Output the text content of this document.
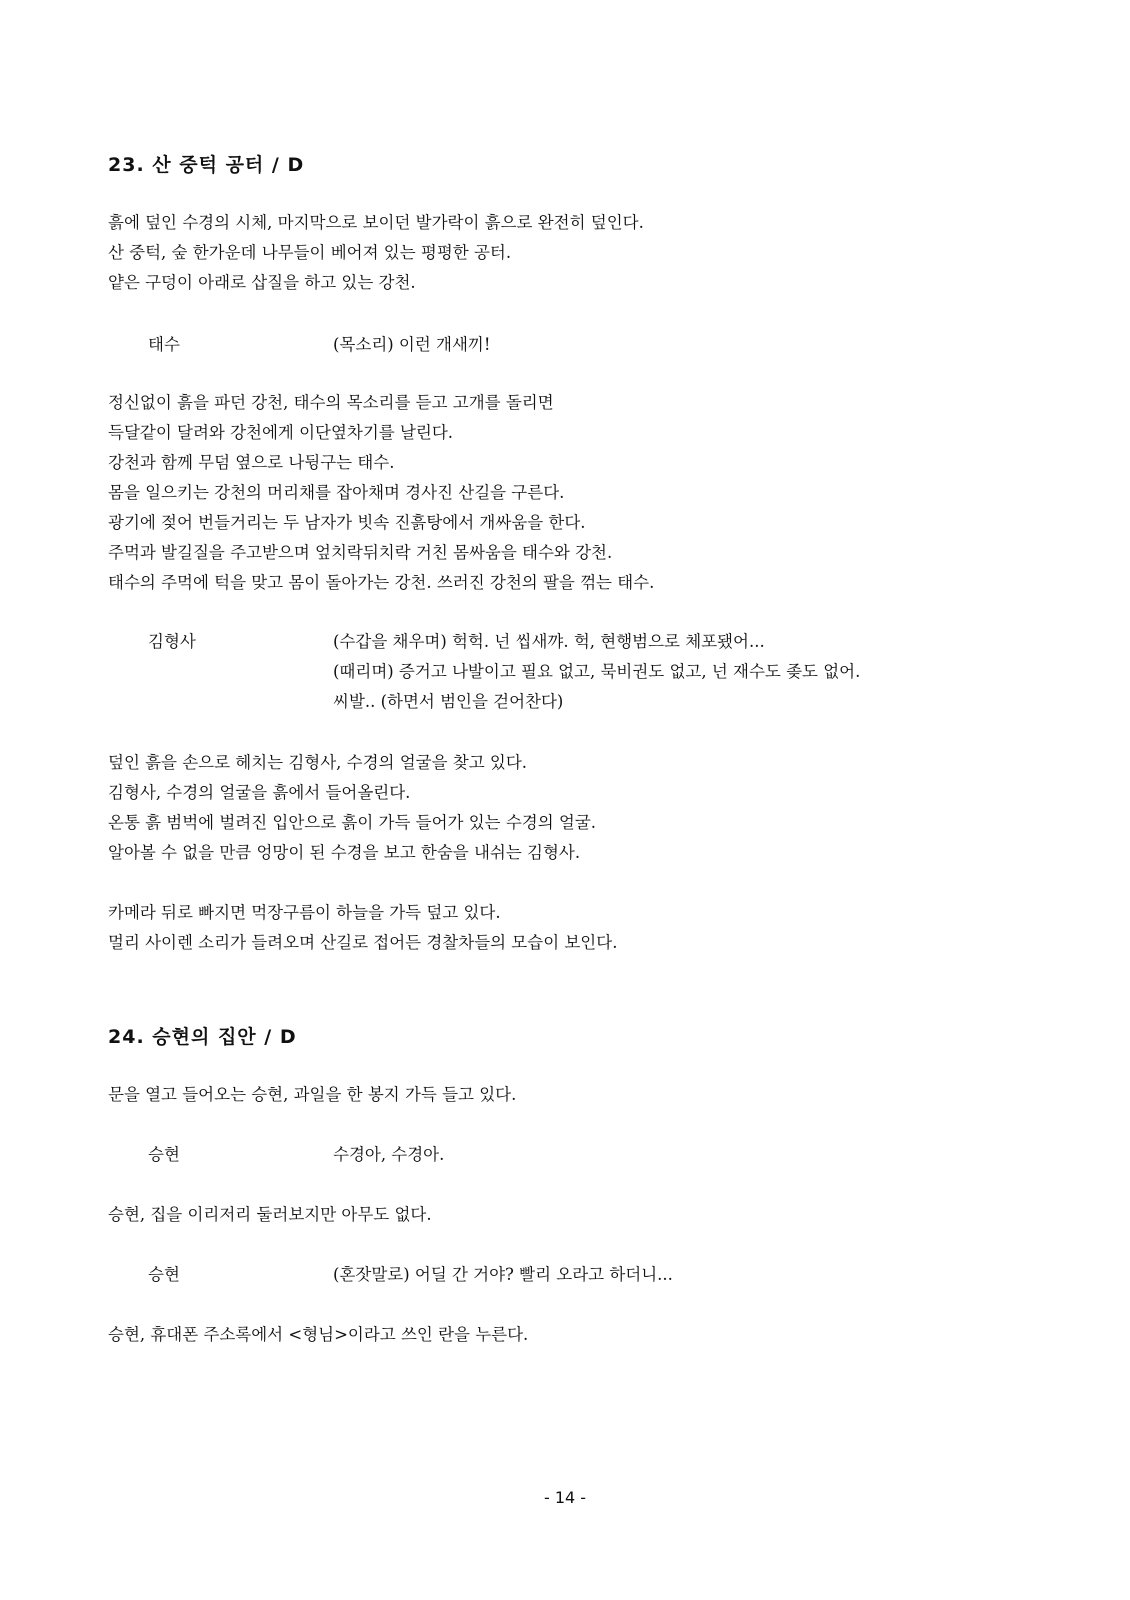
23. 산 중턱 공터 / D
흙에 덮인 수경의 시체, 마지막으로 보이던 발가락이 흙으로 완전히 덮인다.
산 중턱, 숲 한가운데 나무들이 베어져 있는 평평한 공터.
얕은 구덩이 아래로 삽질을 하고 있는 강천.
태수	(목소리) 이런 개새끼!
정신없이 흙을 파던 강천, 태수의 목소리를 듣고 고개를 돌리면
득달같이 달려와 강천에게 이단옆차기를 날린다.
강천과 함께 무덤 옆으로 나뒹구는 태수.
몸을 일으키는 강천의 머리채를 잡아채며 경사진 산길을 구른다.
광기에 젖어 번들거리는 두 남자가 빗속 진흙탕에서 개싸움을 한다.
주먹과 발길질을 주고받으며 엎치락뒤치락 거친 몸싸움을 태수와 강천.
태수의 주먹에 턱을 맞고 몸이 돌아가는 강천. 쓰러진 강천의 팔을 꺾는 태수.
김형사	(수갑을 채우며) 헉헉. 넌 씹새꺄. 헉, 현행범으로 체포됐어...
(때리며) 증거고 나발이고 필요 없고, 묵비권도 없고, 넌 재수도 좆도 없어.
씨발.. (하면서 범인을 걷어찬다)
덮인 흙을 손으로 헤치는 김형사, 수경의 얼굴을 찾고 있다.
김형사, 수경의 얼굴을 흙에서 들어올린다.
온통 흙 범벅에 벌려진 입안으로 흙이 가득 들어가 있는 수경의 얼굴.
알아볼 수 없을 만큼 엉망이 된 수경을 보고 한숨을 내쉬는 김형사.
카메라 뒤로 빠지면 먹장구름이 하늘을 가득 덮고 있다.
멀리 사이렌 소리가 들려오며 산길로 접어든 경찰차들의 모습이 보인다.
24. 승현의 집안 / D
문을 열고 들어오는 승현, 과일을 한 봉지 가득 들고 있다.
승현	수경아, 수경아.
승현, 집을 이리저리 둘러보지만 아무도 없다.
승현	(혼잣말로) 어딜 간 거야? 빨리 오라고 하더니...
승현, 휴대폰 주소록에서 <형님>이라고 쓰인 란을 누른다.
- 14 -
